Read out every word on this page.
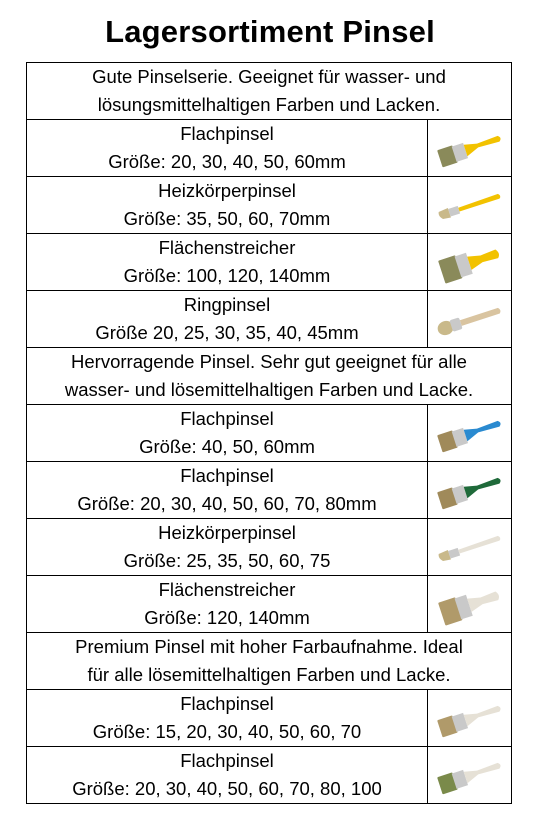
Lagersortiment Pinsel
Gute Pinselserie. Geeignet für wasser- und
lösungsmittelhaltigen Farben und Lacken.	

Flachpinsel
Größe: 20, 30, 40, 50, 60mm

Heizkörperpinsel
Größe: 35, 50, 60, 70mm

Flächenstreicher
Größe: 100, 120, 140mm

Ringpinsel
Größe 20, 25, 30, 35, 40, 45mm

Hervorragende Pinsel. Sehr gut geeignet für alle
wasser- und lösemittelhaltigen Farben und Lacke.	

Flachpinsel
Größe: 40, 50, 60mm

Flachpinsel
Größe: 20, 30, 40, 50, 60, 70, 80mm

Heizkörperpinsel
Größe: 25, 35, 50, 60, 75

Flächenstreicher
Größe: 120, 140mm

Premium Pinsel mit hoher Farbaufnahme. Ideal
für alle lösemittelhaltigen Farben und Lacke.	

Flachpinsel
Größe: 15, 20, 30, 40, 50, 60, 70

Flachpinsel
Größe: 20, 30, 40, 50, 60, 70, 80, 100
